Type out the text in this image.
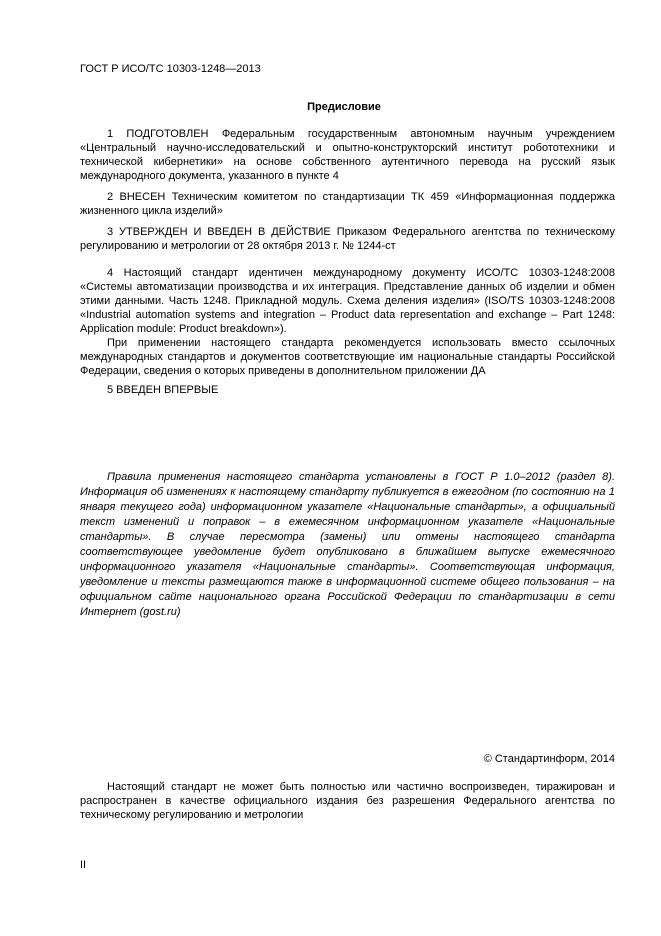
ГОСТ Р ИСО/ТС 10303-1248—2013
Предисловие

1 ПОДГОТОВЛЕН Федеральным государственным автономным научным учреждением «Центральный научно-исследовательский и опытно-конструкторский институт робототехники и технической кибернетики» на основе собственного аутентичного перевода на русский язык международного документа, указанного в пункте 4

2 ВНЕСЕН Техническим комитетом по стандартизации ТК 459 «Информационная поддержка жизненного цикла изделий»

3 УТВЕРЖДЕН И ВВЕДЕН В ДЕЙСТВИЕ Приказом Федерального агентства по техническому регулированию и метрологии от 28 октября 2013 г. № 1244-ст

4 Настоящий стандарт идентичен международному документу ИСО/ТС 10303-1248:2008 «Системы автоматизации производства и их интеграция. Представление данных об изделии и обмен этими данными. Часть 1248. Прикладной модуль. Схема деления изделия» (ISO/TS 10303-1248:2008 «Industrial automation systems and integration – Product data representation and exchange – Part 1248: Application module: Product breakdown»).

При применении настоящего стандарта рекомендуется использовать вместо ссылочных международных стандартов и документов соответствующие им национальные стандарты Российской Федерации, сведения о которых приведены в дополнительном приложении ДА

5 ВВЕДЕН ВПЕРВЫЕ

Правила применения настоящего стандарта установлены в ГОСТ Р 1.0–2012 (раздел 8). Информация об изменениях к настоящему стандарту публикуется в ежегодном (по состоянию на 1 января текущего года) информационном указателе «Национальные стандарты», а официальный текст изменений и поправок – в ежемесячном информационном указателе «Национальные стандарты». В случае пересмотра (замены) или отмены настоящего стандарта соответствующее уведомление будет опубликовано в ближайшем выпуске ежемесячного информационного указателя «Национальные стандарты». Соответствующая информация, уведомление и тексты размещаются также в информационной системе общего пользования – на официальном сайте национального органа Российской Федерации по стандартизации в сети Интернет (gost.ru)

© Стандартинформ, 2014

Настоящий стандарт не может быть полностью или частично воспроизведен, тиражирован и распространен в качестве официального издания без разрешения Федерального агентства по техническому регулированию и метрологии

II
